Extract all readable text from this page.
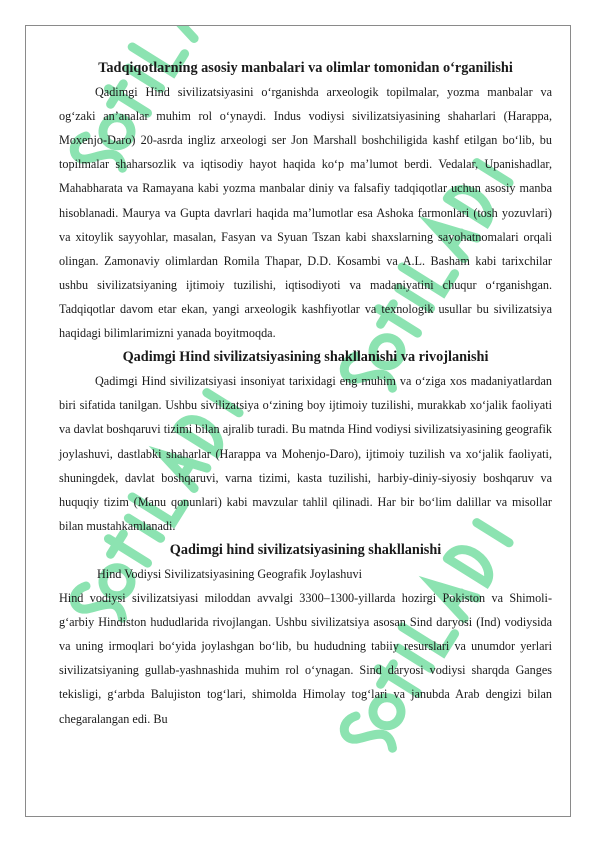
Tadqiqotlarning asosiy manbalari va olimlar tomonidan o‘rganilishi

Qadimgi Hind sivilizatsiyasini o‘rganishda arxeologik topilmalar, yozma manbalar va og‘zaki an’analar muhim rol o‘ynaydi. Indus vodiysi sivilizatsiyasining shaharlari (Harappa, Moxenjo-Daro) 20-asrda ingliz arxeologi ser Jon Marshall boshchiligida kashf etilgan bo‘lib, bu topilmalar shaharsozlik va iqtisodiy hayot haqida ko‘p ma’lumot berdi. Vedalar, Upanishadlar, Mahabharata va Ramayana kabi yozma manbalar diniy va falsafiy tadqiqotlar uchun asosiy manba hisoblanadi. Maurya va Gupta davrlari haqida ma’lumotlar esa Ashoka farmonlari (tosh yozuvlari) va xitoylik sayyohlar, masalan, Fasyan va Syuan Tszan kabi shaxslarning sayohatnomalari orqali olingan. Zamonaviy olimlardan Romila Thapar, D.D. Kosambi va A.L. Basham kabi tarixchilar ushbu sivilizatsiyaning ijtimoiy tuzilishi, iqtisodiyoti va madaniyatini chuqur o‘rganishgan. Tadqiqotlar davom etar ekan, yangi arxeologik kashfiyotlar va texnologik usullar bu sivilizatsiya haqidagi bilimlarimizni yanada boyitmoqda.

Qadimgi Hind sivilizatsiyasining shakllanishi va rivojlanishi

Qadimgi Hind sivilizatsiyasi insoniyat tarixidagi eng muhim va o‘ziga xos madaniyatlardan biri sifatida tanilgan. Ushbu sivilizatsiya o‘zining boy ijtimoiy tuzilishi, murakkab xo‘jalik faoliyati va davlat boshqaruvi tizimi bilan ajralib turadi. Bu matnda Hind vodiysi sivilizatsiyasining geografik joylashuvi, dastlabki shaharlar (Harappa va Mohenjo-Daro), ijtimoiy tuzilish va xo‘jalik faoliyati, shuningdek, davlat boshqaruvi, varna tizimi, kasta tuzilishi, harbiy-diniy-siyosiy boshqaruv va huquqiy tizim (Manu qonunlari) kabi mavzular tahlil qilinadi. Har bir bo‘lim dalillar va misollar bilan mustahkamlanadi.

Qadimgi hind sivilizatsiyasining shakllanishi

Hind Vodiysi Sivilizatsiyasining Geografik Joylashuvi

Hind vodiysi sivilizatsiyasi miloddan avvalgi 3300–1300-yillarda hozirgi Pokiston va Shimoli-g‘arbiy Hindiston hududlarida rivojlangan. Ushbu sivilizatsiya asosan Sind daryosi (Ind) vodiysida va uning irmoqlari bo‘yida joylashgan bo‘lib, bu hududning tabiiy resurslari va unumdor yerlari sivilizatsiyaning gullab-yashnashida muhim rol o‘ynagan. Sind daryosi vodiysi sharqda Ganges tekisligi, g‘arbda Balujiston tog‘lari, shimolda Himolay tog‘lari va janubda Arab dengizi bilan chegaralangan edi. Bu
